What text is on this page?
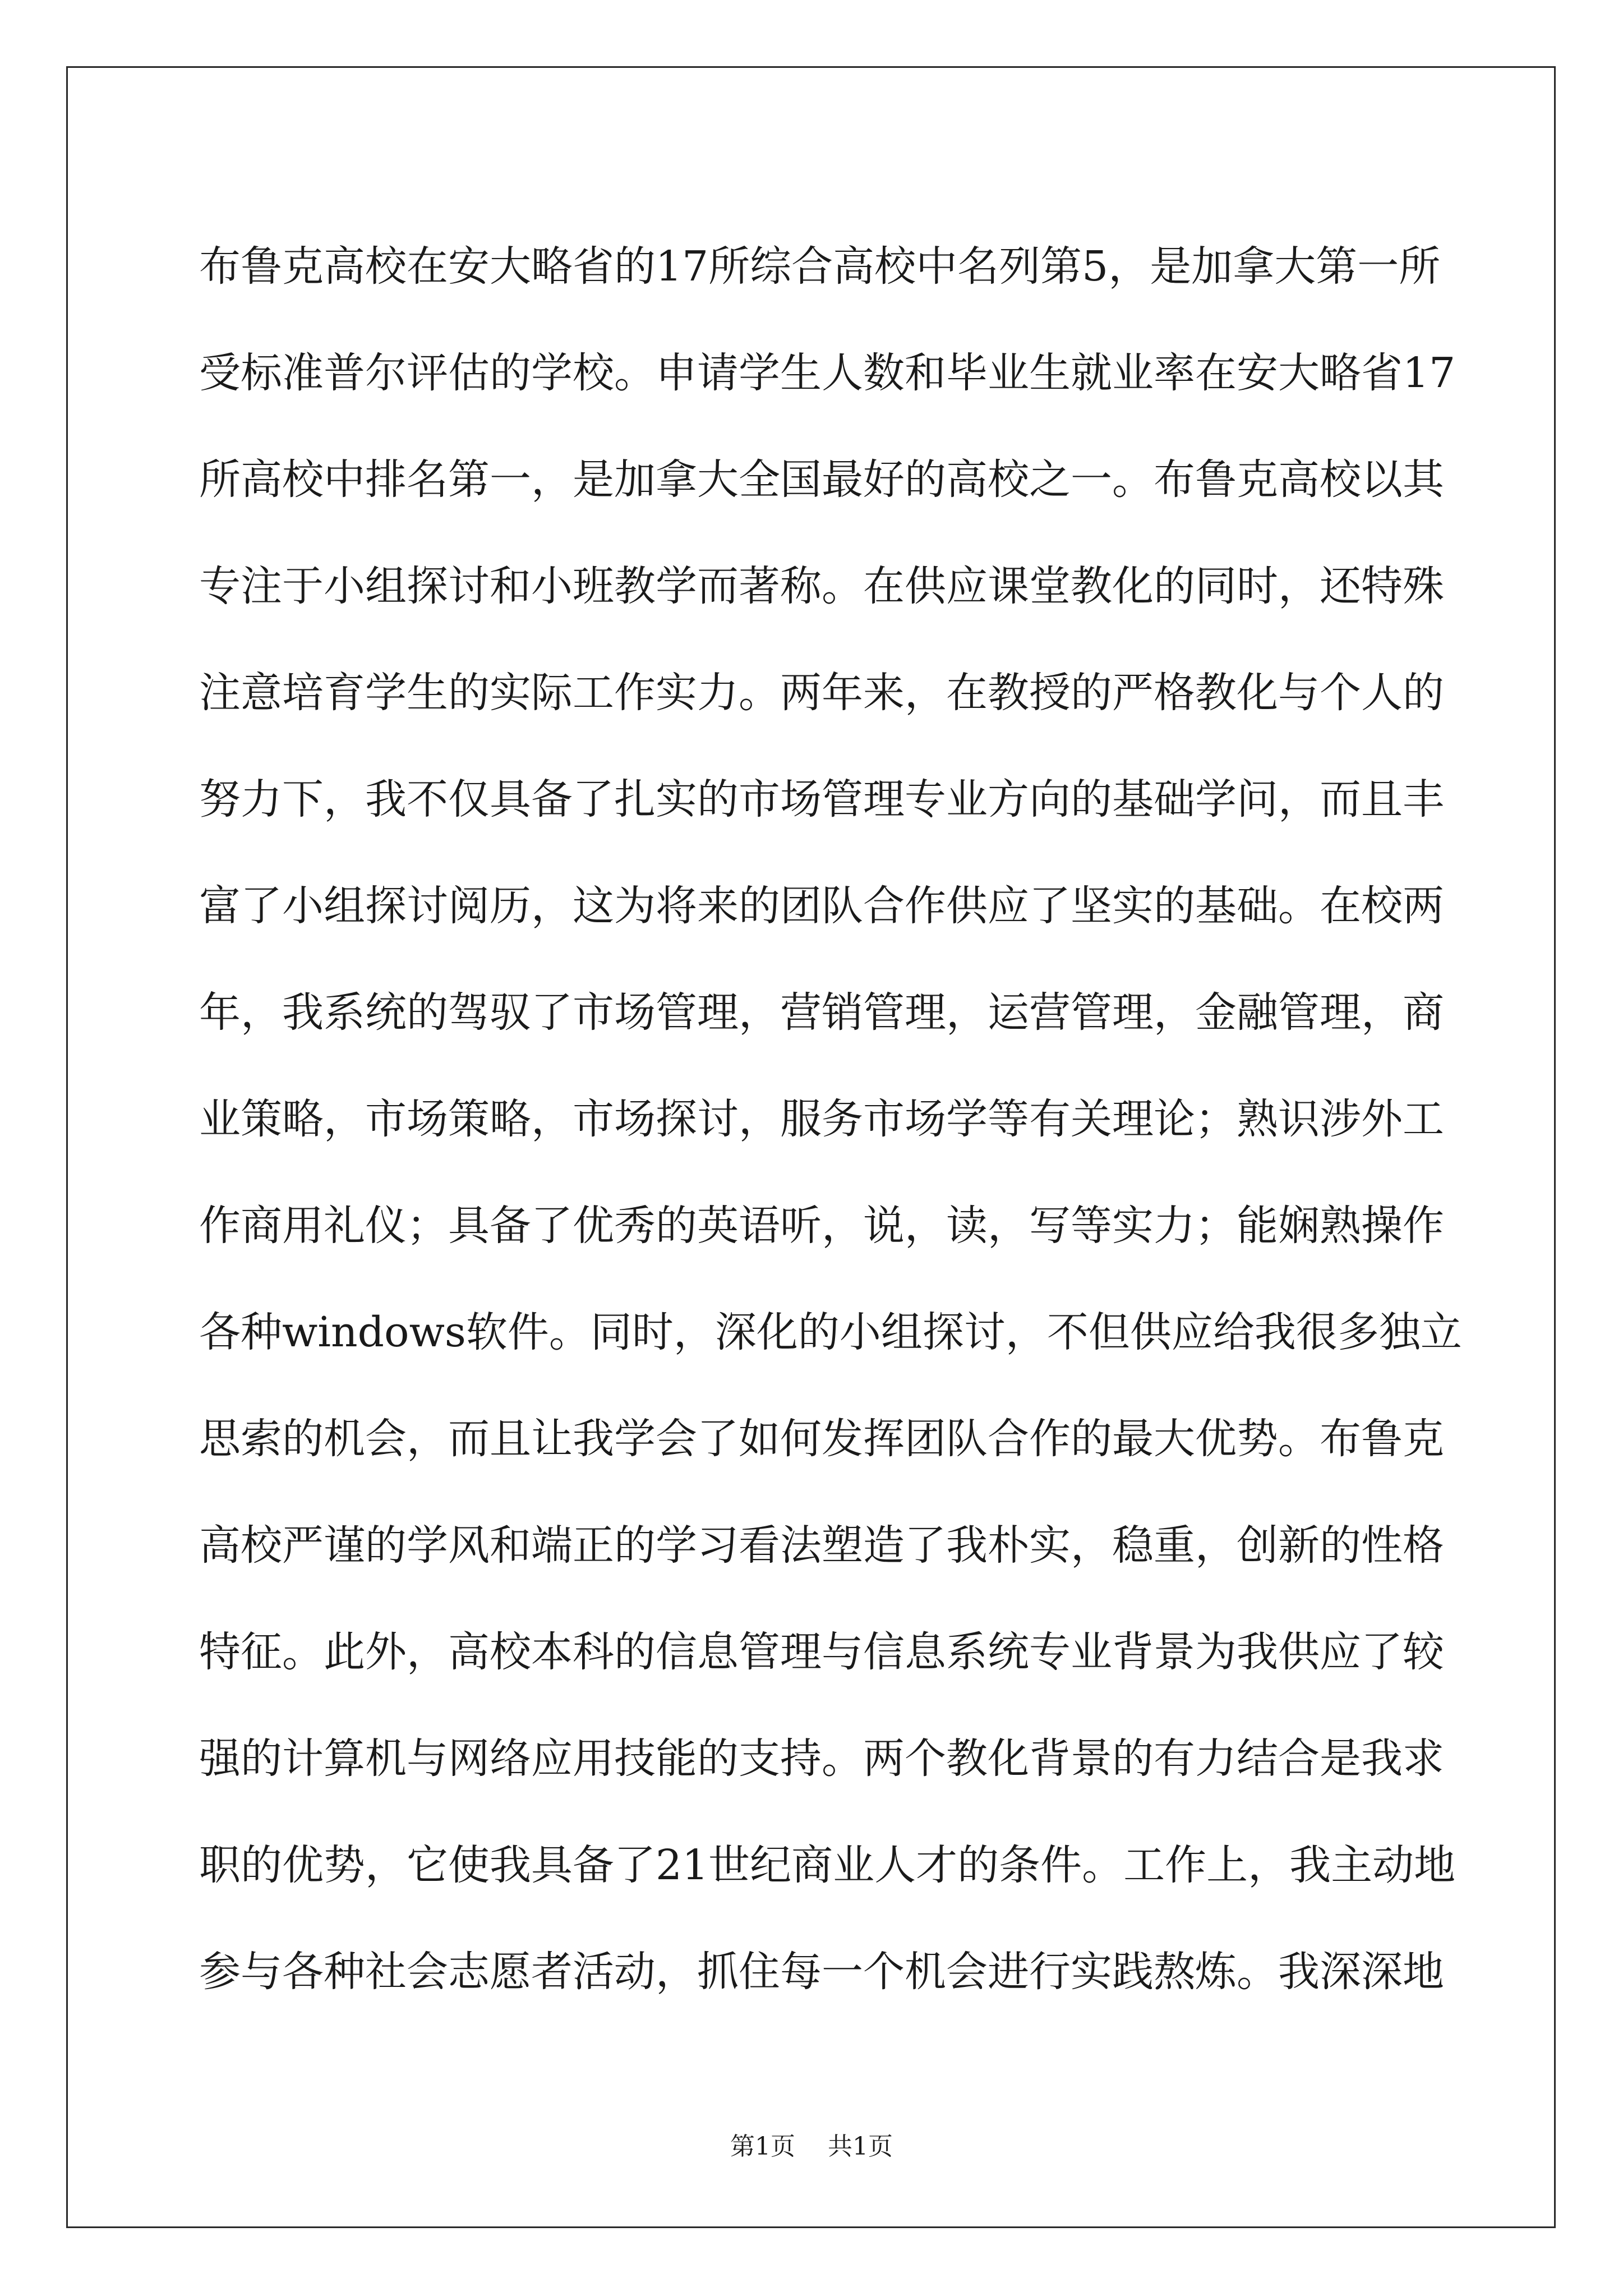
布鲁克高校在安大略省的17所综合高校中名列第5，是加拿大第一所
受标准普尔评估的学校。申请学生人数和毕业生就业率在安大略省17
所高校中排名第一，是加拿大全国最好的高校之一。布鲁克高校以其
专注于小组探讨和小班教学而著称。在供应课堂教化的同时，还特殊
注意培育学生的实际工作实力。两年来，在教授的严格教化与个人的
努力下，我不仅具备了扎实的市场管理专业方向的基础学问，而且丰
富了小组探讨阅历，这为将来的团队合作供应了坚实的基础。在校两
年，我系统的驾驭了市场管理，营销管理，运营管理，金融管理，商
业策略，市场策略，市场探讨，服务市场学等有关理论；熟识涉外工
作商用礼仪；具备了优秀的英语听，说，读，写等实力；能娴熟操作
各种windows软件。同时，深化的小组探讨，不但供应给我很多独立
思索的机会，而且让我学会了如何发挥团队合作的最大优势。布鲁克
高校严谨的学风和端正的学习看法塑造了我朴实，稳重，创新的性格
特征。此外，高校本科的信息管理与信息系统专业背景为我供应了较
强的计算机与网络应用技能的支持。两个教化背景的有力结合是我求
职的优势，它使我具备了21世纪商业人才的条件。工作上，我主动地
参与各种社会志愿者活动，抓住每一个机会进行实践熬炼。我深深地
第1页 共1页
